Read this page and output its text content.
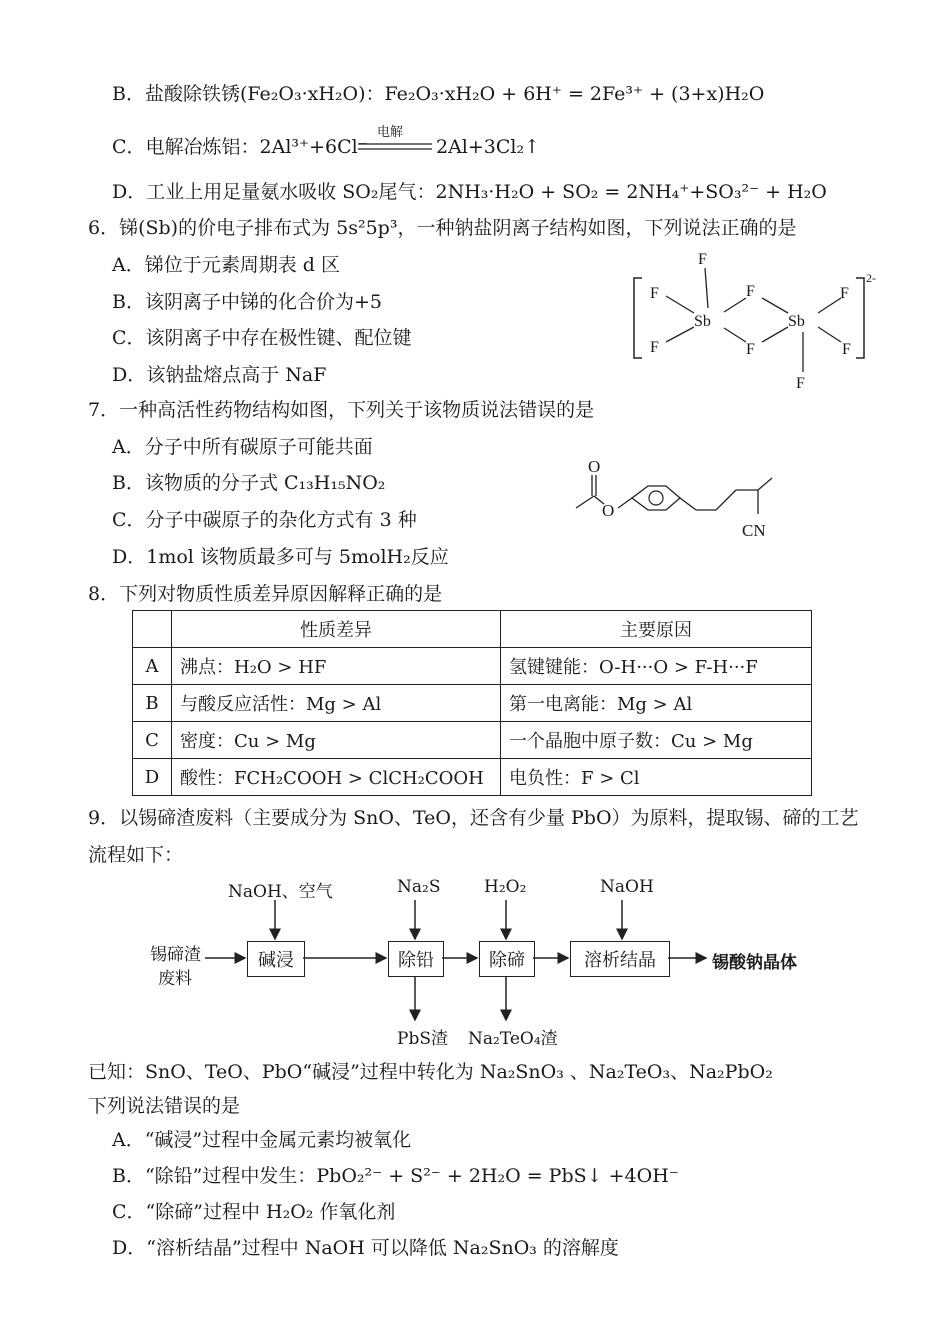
B．盐酸除铁锈(Fe₂O₃·xH₂O)：Fe₂O₃·xH₂O + 6H⁺ = 2Fe³⁺ + (3+x)H₂O
C．电解冶炼铝：2Al³⁺+6Cl⁻
电解
2Al+3Cl₂↑
D．工业上用足量氨水吸收 SO₂尾气：2NH₃·H₂O + SO₂ = 2NH₄⁺+SO₃²⁻ + H₂O
6．锑(Sb)的价电子排布式为 5s²5p³，一种钠盐阴离子结构如图，下列说法正确的是
A．锑位于元素周期表 d 区
B．该阴离子中锑的化合价为+5
C．该阴离子中存在极性键、配位键
D．该钠盐熔点高于 NaF
F
F
F
Sb
F
F
Sb
F
F
F
2-
7．一种高活性药物结构如图，下列关于该物质说法错误的是
A．分子中所有碳原子可能共面
B．该物质的分子式 C₁₃H₁₅NO₂
C．分子中碳原子的杂化方式有 3 种
D．1mol 该物质最多可与 5molH₂反应
O
O
CN
8．下列对物质性质差异原因解释正确的是
	性质差异	主要原因
A	沸点：H₂O > HF	氢键键能：O-H···O > F-H···F
B	与酸反应活性：Mg > Al	第一电离能：Mg > Al
C	密度：Cu > Mg	一个晶胞中原子数：Cu > Mg
D	酸性：FCH₂COOH > ClCH₂COOH	电负性：F > Cl
9．以锡碲渣废料（主要成分为 SnO、TeO，还含有少量 PbO）为原料，提取锡、碲的工艺
流程如下：
锡碲渣
废料
NaOH、空气	Na₂S	H₂O₂	NaOH
碱浸	除铅	除碲	溶析结晶	锡酸钠晶体
PbS渣 Na₂TeO₄渣
已知：SnO、TeO、PbO“碱浸”过程中转化为 Na₂SnO₃ 、Na₂TeO₃、Na₂PbO₂
下列说法错误的是
A．“碱浸”过程中金属元素均被氧化
B．“除铅”过程中发生：PbO₂²⁻ + S²⁻ + 2H₂O = PbS↓ +4OH⁻
C．“除碲”过程中 H₂O₂ 作氧化剂
D．“溶析结晶”过程中 NaOH 可以降低 Na₂SnO₃ 的溶解度
